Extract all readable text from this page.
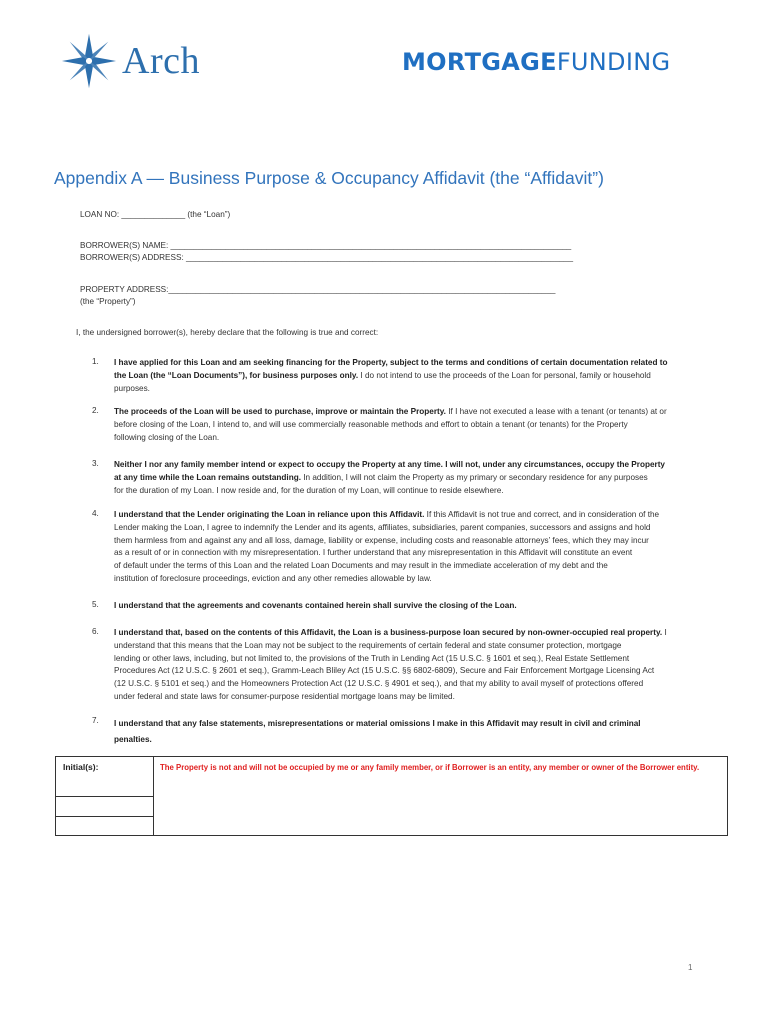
Arch	MORTGAGEFUNDING
Appendix A — Business Purpose & Occupancy Affidavit (the “Affidavit”)
LOAN NO: ______________ (the “Loan”)
BORROWER(S) NAME: ________________________________________________________________________________________
BORROWER(S) ADDRESS: _____________________________________________________________________________________
PROPERTY ADDRESS:_____________________________________________________________________________________
(the “Property”)
I, the undersigned borrower(s), hereby declare that the following is true and correct:
1. I have applied for this Loan and am seeking financing for the Property, subject to the terms and conditions of certain documentation related to
the Loan (the “Loan Documents”), for business purposes only. I do not intend to use the proceeds of the Loan for personal, family or household
purposes.
2. The proceeds of the Loan will be used to purchase, improve or maintain the Property. If I have not executed a lease with a tenant (or tenants) at or
before closing of the Loan, I intend to, and will use commercially reasonable methods and effort to obtain a tenant (or tenants) for the Property
following closing of the Loan.
3. Neither I nor any family member intend or expect to occupy the Property at any time. I will not, under any circumstances, occupy the Property
at any time while the Loan remains outstanding. In addition, I will not claim the Property as my primary or secondary residence for any purposes
for the duration of my Loan. I now reside and, for the duration of my Loan, will continue to reside elsewhere.
4. I understand that the Lender originating the Loan in reliance upon this Affidavit. If this Affidavit is not true and correct, and in consideration of the
Lender making the Loan, I agree to indemnify the Lender and its agents, affiliates, subsidiaries, parent companies, successors and assigns and hold
them harmless from and against any and all loss, damage, liability or expense, including costs and reasonable attorneys’ fees, which they may incur
as a result of or in connection with my misrepresentation. I further understand that any misrepresentation in this Affidavit will constitute an event
of default under the terms of this Loan and the related Loan Documents and may result in the immediate acceleration of my debt and the
institution of foreclosure proceedings, eviction and any other remedies allowable by law.
5. I understand that the agreements and covenants contained herein shall survive the closing of the Loan.
6. I understand that, based on the contents of this Affidavit, the Loan is a business-purpose loan secured by non-owner-occupied real property. I
understand that this means that the Loan may not be subject to the requirements of certain federal and state consumer protection, mortgage
lending or other laws, including, but not limited to, the provisions of the Truth in Lending Act (15 U.S.C. § 1601 et seq.), Real Estate Settlement
Procedures Act (12 U.S.C. § 2601 et seq.), Gramm-Leach Bliley Act (15 U.S.C. §§ 6802-6809), Secure and Fair Enforcement Mortgage Licensing Act
(12 U.S.C. § 5101 et seq.) and the Homeowners Protection Act (12 U.S.C. § 4901 et seq.), and that my ability to avail myself of protections offered
under federal and state laws for consumer-purpose residential mortgage loans may be limited.
7. I understand that any false statements, misrepresentations or material omissions I make in this Affidavit may result in civil and criminal
penalties.
Initial(s):	The Property is not and will not be occupied by me or any family member, or if Borrower is an entity, any member or owner of the Borrower entity.
1
